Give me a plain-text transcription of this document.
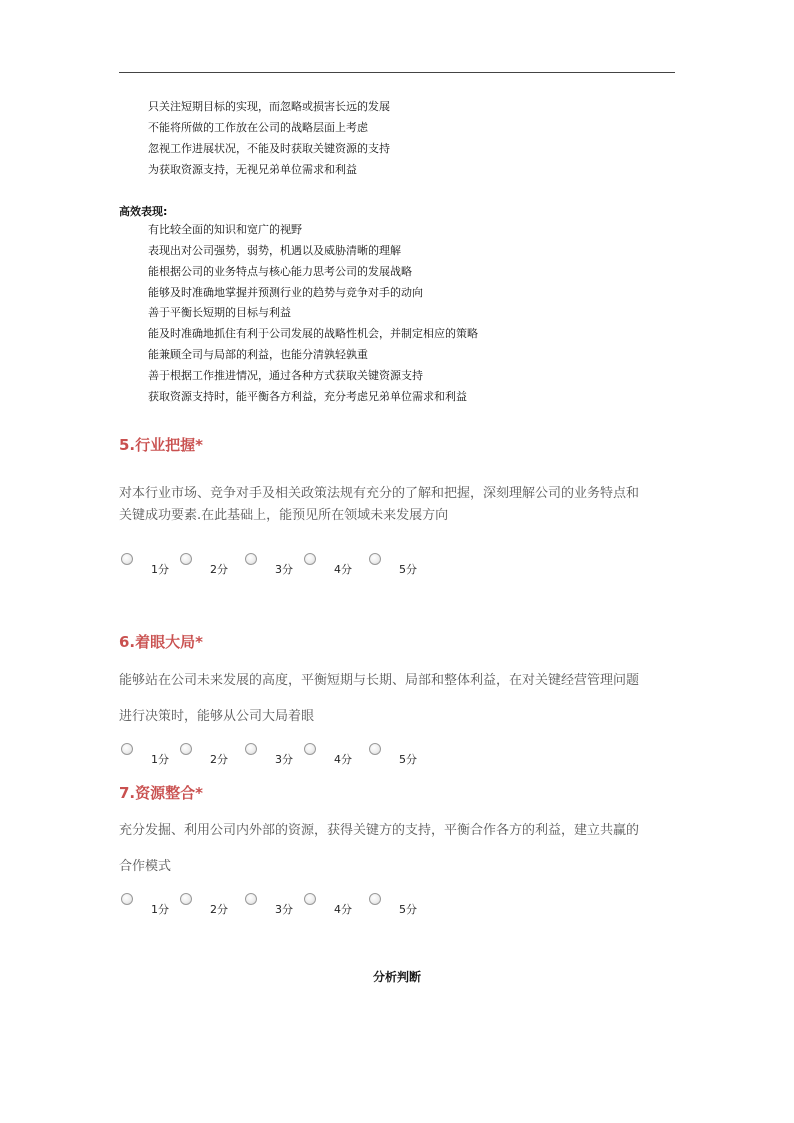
只关注短期目标的实现，而忽略或损害长远的发展
不能将所做的工作放在公司的战略层面上考虑
忽视工作进展状况，不能及时获取关键资源的支持
为获取资源支持，无视兄弟单位需求和利益
高效表现:
有比较全面的知识和宽广的视野
表现出对公司强势，弱势，机遇以及威胁清晰的理解
能根据公司的业务特点与核心能力思考公司的发展战略
能够及时准确地掌握并预测行业的趋势与竞争对手的动向
善于平衡长短期的目标与利益
能及时准确地抓住有利于公司发展的战略性机会，并制定相应的策略
能兼顾全司与局部的利益，也能分清孰轻孰重
善于根据工作推进情况，通过各种方式获取关键资源支持
获取资源支持时，能平衡各方利益，充分考虑兄弟单位需求和利益
5.行业把握*
对本行业市场、竞争对手及相关政策法规有充分的了解和把握，深刻理解公司的业务特点和
关键成功要素.在此基础上，能预见所在领域未来发展方向
1分	2分	3分	4分	5分
6.着眼大局*
能够站在公司未来发展的高度，平衡短期与长期、局部和整体利益，在对关键经营管理问题
进行决策时，能够从公司大局着眼
1分	2分	3分	4分	5分
7.资源整合*
充分发掘、利用公司内外部的资源，获得关键方的支持，平衡合作各方的利益，建立共赢的
合作模式
1分	2分	3分	4分	5分
分析判断
